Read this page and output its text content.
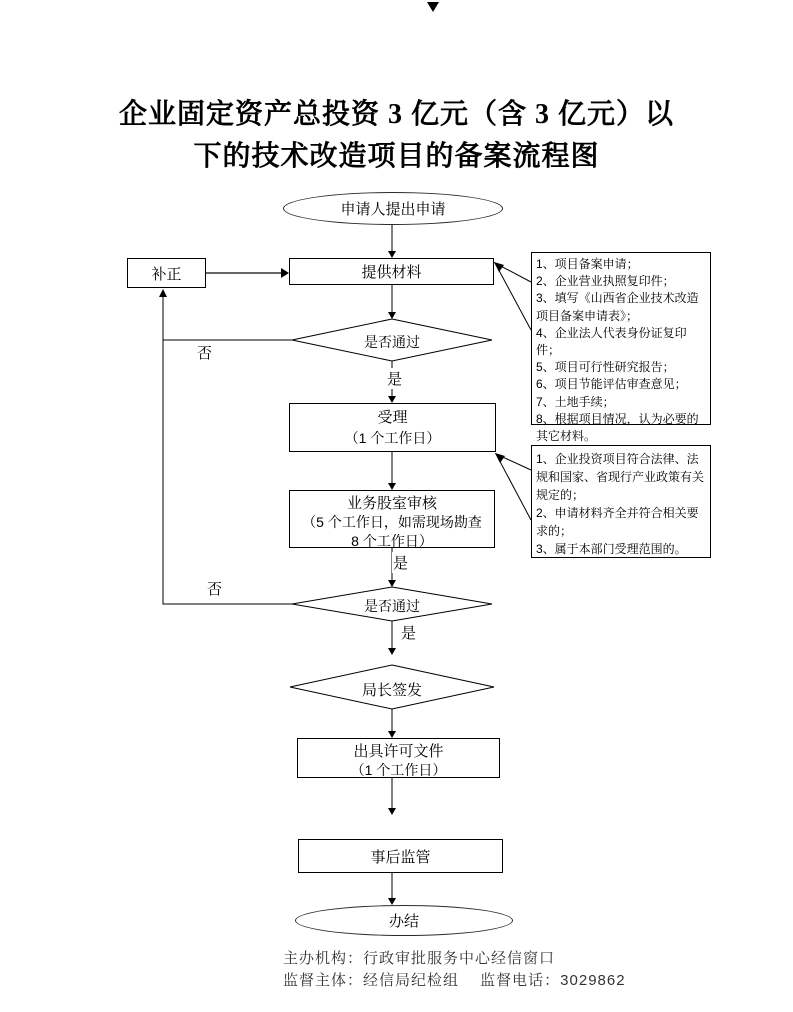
企业固定资产总投资 3 亿元（含 3 亿元）以
下的技术改造项目的备案流程图
申请人提出申请
补正	提供材料
是否通过
否
是
是
否
是
受理
（1 个工作日）
业务股室审核
（5 个工作日，如需现场勘查
8 个工作日）
是否通过
局长签发
出具许可文件
（1 个工作日）
事后监管
办结
1、项目备案申请；
2、企业营业执照复印件；
3、填写《山西省企业技术改造项目备案申请表》；
4、企业法人代表身份证复印件；
5、项目可行性研究报告；
6、项目节能评估审查意见；
7、土地手续；
8、根据项目情况，认为必要的其它材料。
1、企业投资项目符合法律、法规和国家、省现行产业政策有关规定的；
2、申请材料齐全并符合相关要求的；
3、属于本部门受理范围的。
主办机构：行政审批服务中心经信窗口
监督主体：经信局纪检组　 监督电话：3029862
